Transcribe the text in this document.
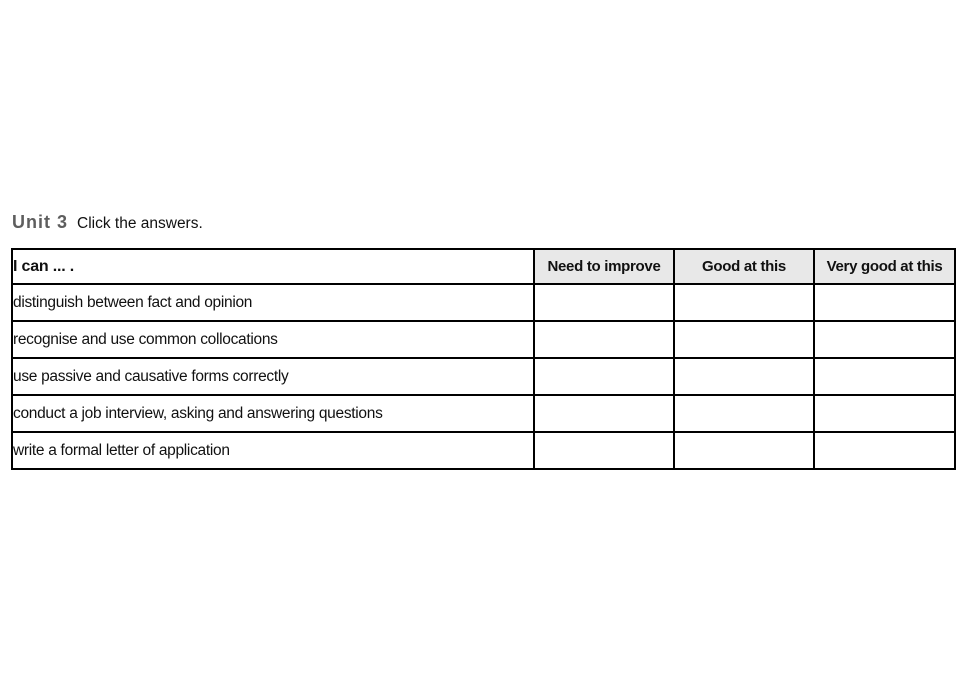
Unit 3 Click the answers.
I can ... .	Need to improve	Good at this	Very good at this
distinguish between fact and opinion			
recognise and use common collocations			
use passive and causative forms correctly			
conduct a job interview, asking and answering questions			
write a formal letter of application			
